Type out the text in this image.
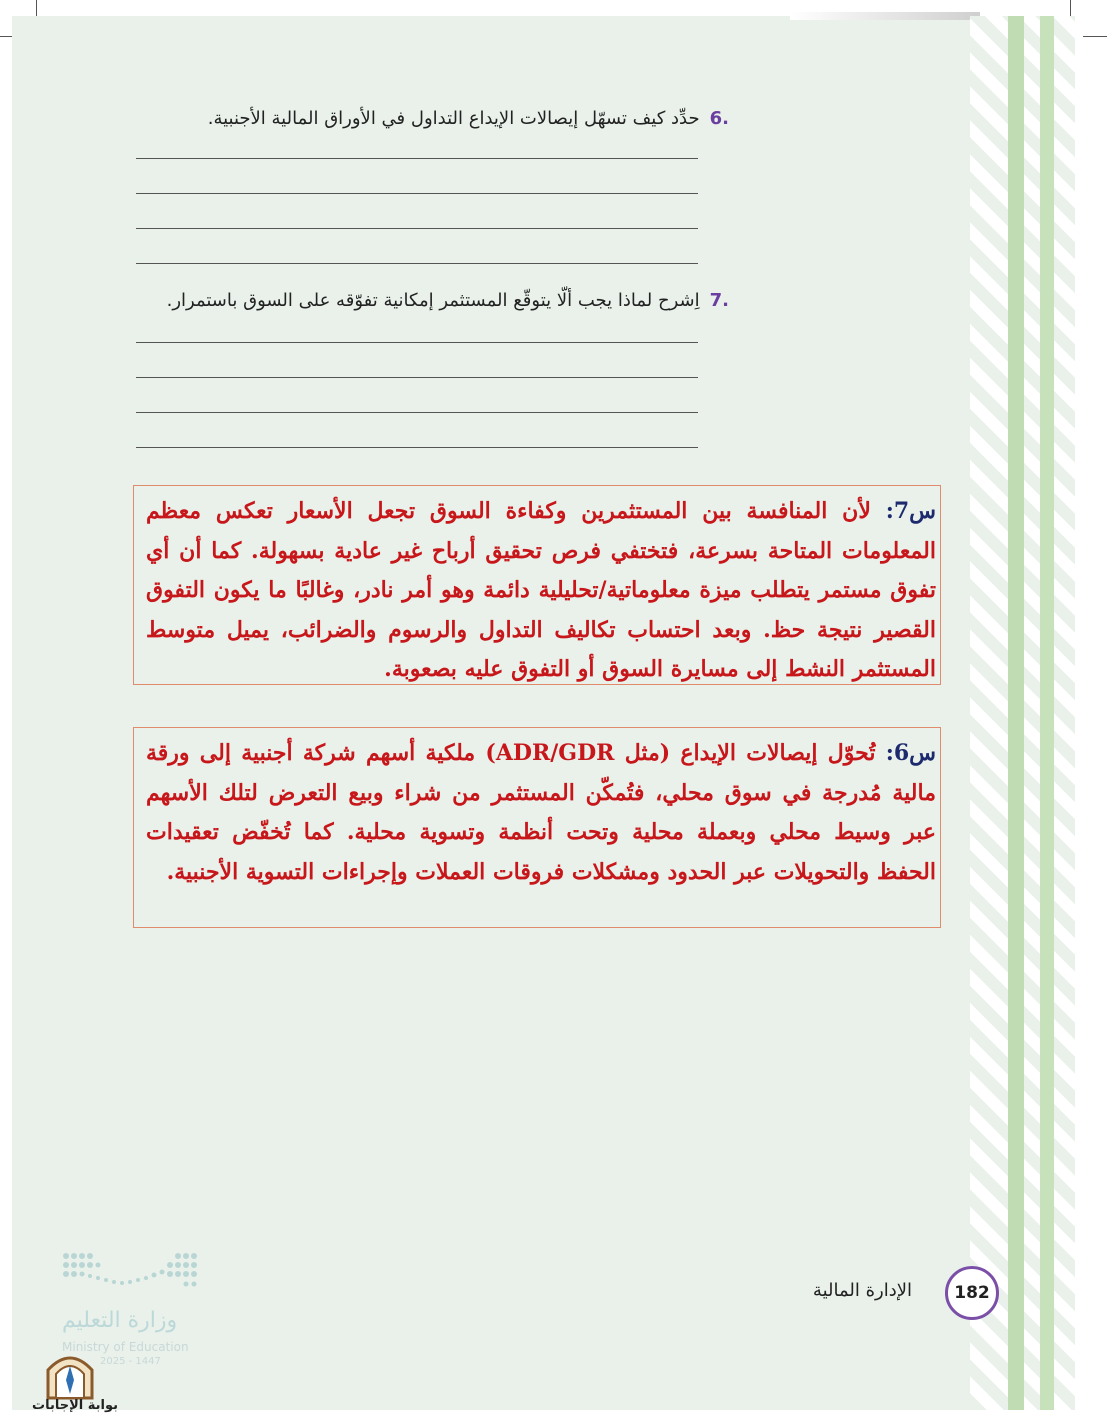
.6حدِّد كيف تسهّل إيصالات الإيداع التداول في الأوراق المالية الأجنبية.
.7اِشرح لماذا يجب ألّا يتوقّع المستثمر إمكانية تفوّقه على السوق باستمرار.
س7: لأن المنافسة بين المستثمرين وكفاءة السوق تجعل الأسعار تعكس معظم المعلومات المتاحة بسرعة، فتختفي فرص تحقيق أرباح غير عادية بسهولة. كما أن أي تفوق مستمر يتطلب ميزة معلوماتية/تحليلية دائمة وهو أمر نادر، وغالبًا ما يكون التفوق القصير نتيجة حظ. وبعد احتساب تكاليف التداول والرسوم والضرائب، يميل متوسط المستثمر النشط إلى مسايرة السوق أو التفوق عليه بصعوبة.
س6: تُحوّل إيصالات الإيداع (مثل ADR/GDR) ملكية أسهم شركة أجنبية إلى ورقة مالية مُدرجة في سوق محلي، فتُمكّن المستثمر من شراء وبيع التعرض لتلك الأسهم عبر وسيط محلي وبعملة محلية وتحت أنظمة وتسوية محلية. كما تُخفّض تعقيدات الحفظ والتحويلات عبر الحدود ومشكلات فروقات العملات وإجراءات التسوية الأجنبية.
182
الإدارة المالية
وزارة التعليم
Ministry of Education
2025 - 1447
بوابة الإجابات
